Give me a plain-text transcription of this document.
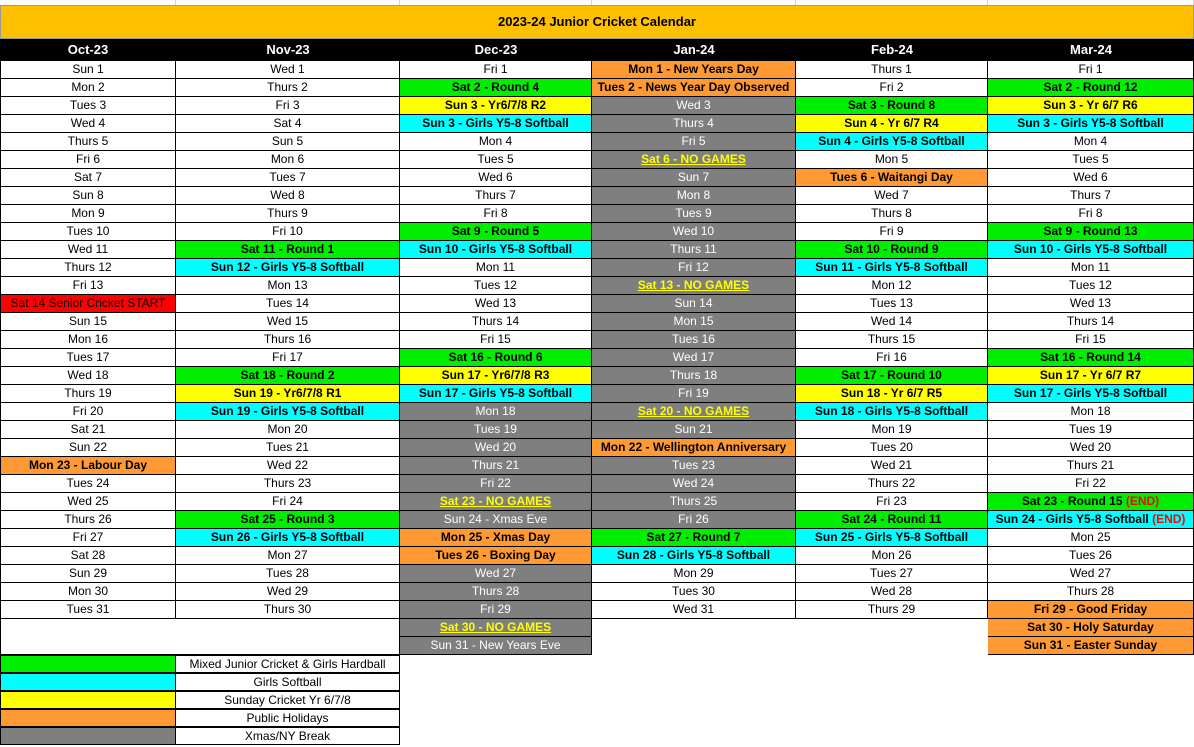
2023-24 Junior Cricket Calendar
Oct-23
Sun 1
Mon 2
Tues 3
Wed 4
Thurs 5
Fri 6
Sat 7
Sun 8
Mon 9
Tues 10
Wed 11
Thurs 12
Fri 13
Sat 14 Senior Cricket START
Sun 15
Mon 16
Tues 17
Wed 18
Thurs 19
Fri 20
Sat 21
Sun 22
Mon 23 - Labour Day
Tues 24
Wed 25
Thurs 26
Fri 27
Sat 28
Sun 29
Mon 30
Tues 31
Nov-23
Wed 1
Thurs 2
Fri 3
Sat 4
Sun 5
Mon 6
Tues 7
Wed 8
Thurs 9
Fri 10
Sat 11 - Round 1
Sun 12 - Girls Y5-8 Softball
Mon 13
Tues 14
Wed 15
Thurs 16
Fri 17
Sat 18 - Round 2
Sun 19 - Yr6/7/8 R1
Sun 19 - Girls Y5-8 Softball
Mon 20
Tues 21
Wed 22
Thurs 23
Fri 24
Sat 25 - Round 3
Sun 26 - Girls Y5-8 Softball
Mon 27
Tues 28
Wed 29
Thurs 30
Dec-23
Fri 1
Sat 2 - Round 4
Sun 3 - Yr6/7/8 R2
Sun 3 - Girls Y5-8 Softball
Mon 4
Tues 5
Wed 6
Thurs 7
Fri 8
Sat 9 - Round 5
Sun 10 - Girls Y5-8 Softball
Mon 11
Tues 12
Wed 13
Thurs 14
Fri 15
Sat 16 - Round 6
Sun 17 - Yr6/7/8 R3
Sun 17 - Girls Y5-8 Softball
Mon 18
Tues 19
Wed 20
Thurs 21
Fri 22
Sat 23 - NO GAMES
Sun 24 - Xmas Eve
Mon 25 - Xmas Day
Tues 26 - Boxing Day
Wed 27
Thurs 28
Fri 29
Sat 30 - NO GAMES
Sun 31 - New Years Eve
Jan-24
Mon 1 - New Years Day
Tues 2 - News Year Day Observed
Wed 3
Thurs 4
Fri 5
Sat 6 - NO GAMES
Sun 7
Mon 8
Tues 9
Wed 10
Thurs 11
Fri 12
Sat 13 - NO GAMES
Sun 14
Mon 15
Tues 16
Wed 17
Thurs 18
Fri 19
Sat 20 - NO GAMES
Sun 21
Mon 22 - Wellington Anniversary
Tues 23
Wed 24
Thurs 25
Fri 26
Sat 27 - Round 7
Sun 28 - Girls Y5-8 Softball
Mon 29
Tues 30
Wed 31
Feb-24
Thurs 1
Fri 2
Sat 3 - Round 8
Sun 4 - Yr 6/7 R4
Sun 4 - Girls Y5-8 Softball
Mon 5
Tues 6 - Waitangi Day
Wed 7
Thurs 8
Fri 9
Sat 10 - Round 9
Sun 11 - Girls Y5-8 Softball
Mon 12
Tues 13
Wed 14
Thurs 15
Fri 16
Sat 17 - Round 10
Sun 18 - Yr 6/7 R5
Sun 18 - Girls Y5-8 Softball
Mon 19
Tues 20
Wed 21
Thurs 22
Fri 23
Sat 24 - Round 11
Sun 25 - Girls Y5-8 Softball
Mon 26
Tues 27
Wed 28
Thurs 29
Mar-24
Fri 1
Sat 2 - Round 12
Sun 3 - Yr 6/7 R6
Sun 3 - Girls Y5-8 Softball
Mon 4
Tues 5
Wed 6
Thurs 7
Fri 8
Sat 9 - Round 13
Sun 10 - Girls Y5-8 Softball
Mon 11
Tues 12
Wed 13
Thurs 14
Fri 15
Sat 16 - Round 14
Sun 17 - Yr 6/7 R7
Sun 17 - Girls Y5-8 Softball
Mon 18
Tues 19
Wed 20
Thurs 21
Fri 22
Sat 23 - Round 15 (END)
Sun 24 - Girls Y5-8 Softball (END)
Mon 25
Tues 26
Wed 27
Thurs 28
Fri 29 - Good Friday
Sat 30 - Holy Saturday
Sun 31 - Easter Sunday
Mixed Junior Cricket & Girls Hardball
Girls Softball
Sunday Cricket Yr 6/7/8
Public Holidays
Xmas/NY Break
